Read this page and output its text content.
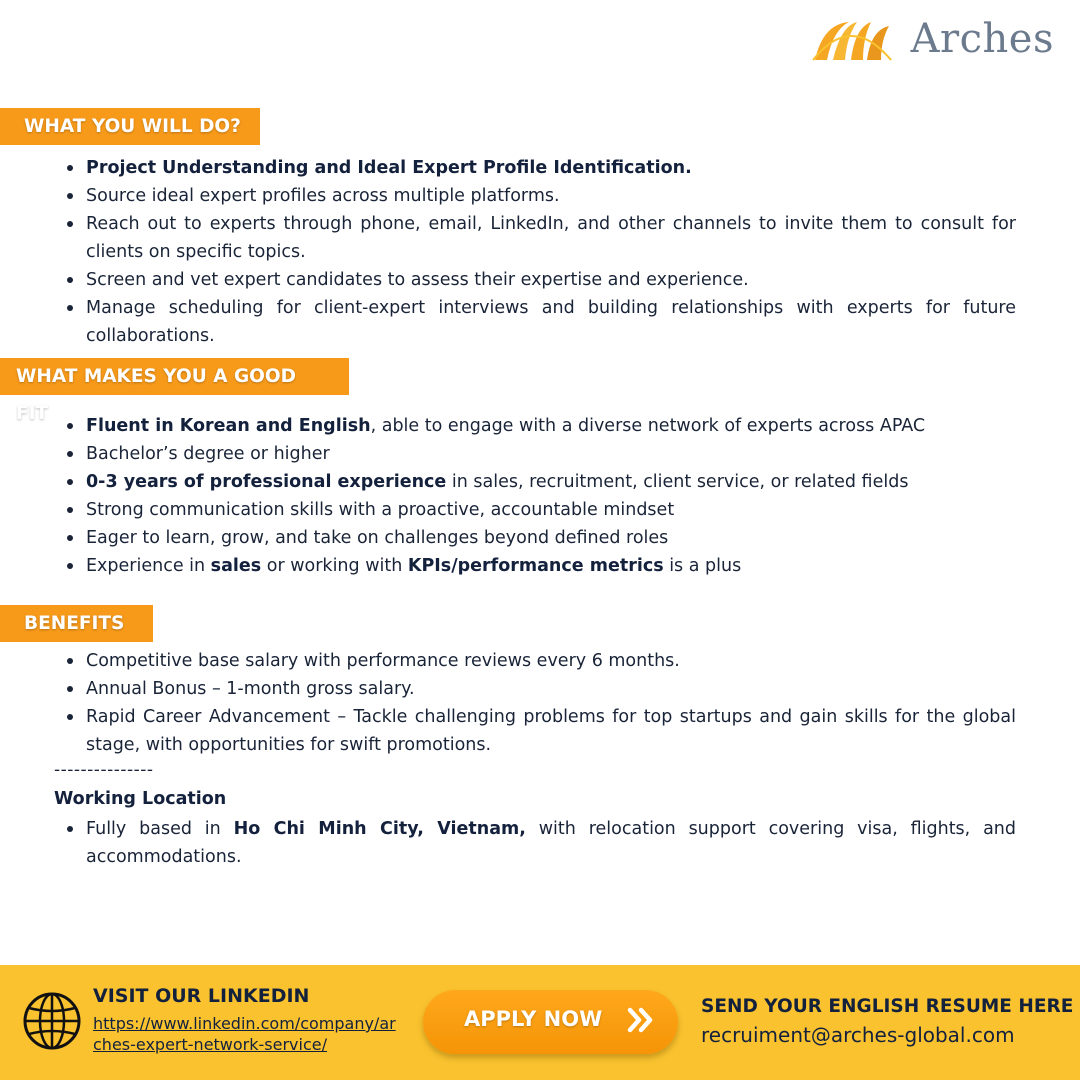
Arches
WHAT YOU WILL DO?
Project Understanding and Ideal Expert Profile Identification.
Source ideal expert profiles across multiple platforms.
Reach out to experts through phone, email, LinkedIn, and other channels to invite them to consult for clients on specific topics.
Screen and vet expert candidates to assess their expertise and experience.
Manage scheduling for client-expert interviews and building relationships with experts for future collaborations.
WHAT MAKES YOU A GOOD FIT
Fluent in Korean and English, able to engage with a diverse network of experts across APAC
Bachelor’s degree or higher
0-3 years of professional experience in sales, recruitment, client service, or related fields
Strong communication skills with a proactive, accountable mindset
Eager to learn, grow, and take on challenges beyond defined roles
Experience in sales or working with KPIs/performance metrics is a plus
BENEFITS
Competitive base salary with performance reviews every 6 months.
Annual Bonus – 1-month gross salary.
Rapid Career Advancement – Tackle challenging problems for top startups and gain skills for the global stage, with opportunities for swift promotions.
---------------
Working Location
Fully based in Ho Chi Minh City, Vietnam, with relocation support covering visa, flights, and accommodations.
VISIT OUR LINKEDIN
https://www.linkedin.com/company/arches-expert-network-service/
APPLY NOW
SEND YOUR ENGLISH RESUME HERE
recruiment@arches-global.com
